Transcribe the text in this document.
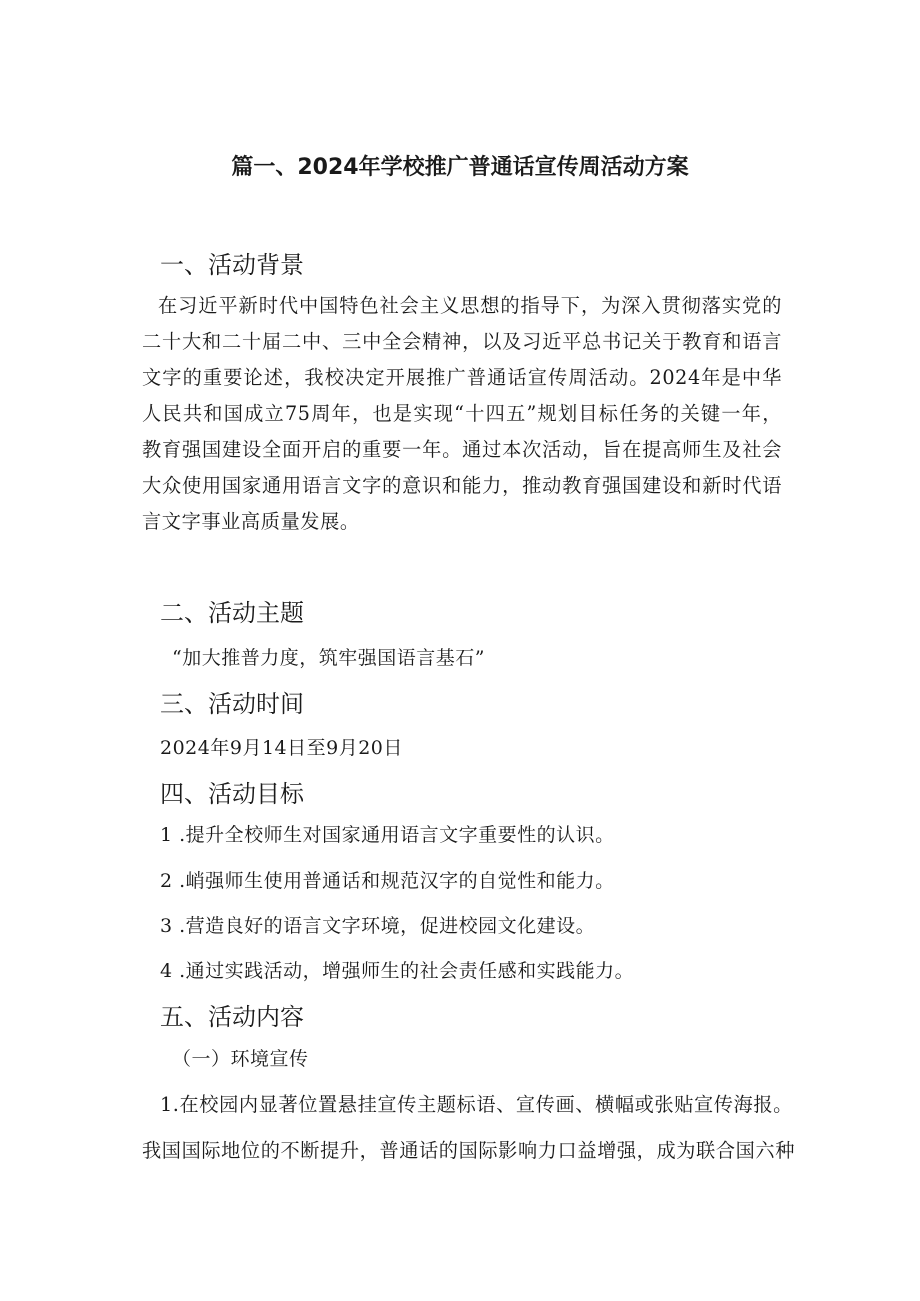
篇一、2024年学校推广普通话宣传周活动方案
一、活动背景
在习近平新时代中国特色社会主义思想的指导下，为深入贯彻落实党的二十大和二十届二中、三中全会精神，以及习近平总书记关于教育和语言文字的重要论述，我校决定开展推广普通话宣传周活动。2024年是中华人民共和国成立75周年，也是实现“十四五”规划目标任务的关键一年，教育强国建设全面开启的重要一年。通过本次活动，旨在提高师生及社会大众使用国家通用语言文字的意识和能力，推动教育强国建设和新时代语言文字事业高质量发展。
二、活动主题
“加大推普力度，筑牢强国语言基石”
三、活动时间
2024年9月14日至9月20日
四、活动目标
1 .提升全校师生对国家通用语言文字重要性的认识。
2 .峭强师生使用普通话和规范汉字的自觉性和能力。
3 .营造良好的语言文字环境，促进校园文化建设。
4 .通过实践活动，增强师生的社会责任感和实践能力。
五、活动内容
（一）环境宣传
1.在校园内显著位置悬挂宣传主题标语、宣传画、横幅或张贴宣传海报。
我国国际地位的不断提升，普通话的国际影响力口益增强，成为联合国六种
